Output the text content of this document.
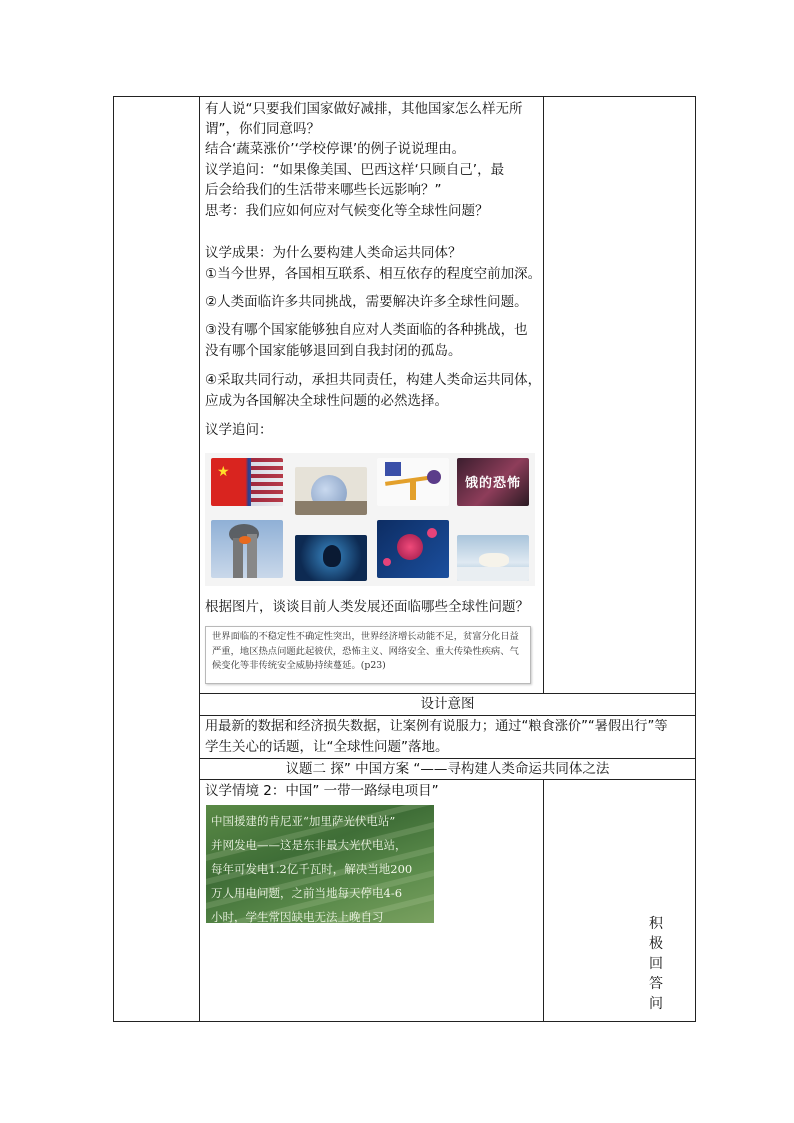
有人说“只要我们国家做好减排，其他国家怎么样无所
谓”，你们同意吗？
结合‘蔬菜涨价’‘学校停课’的例子说说理由。
议学追问：“如果像美国、巴西这样‘只顾自己’，最
后会给我们的生活带来哪些长远影响？”
思考：我们应如何应对气候变化等全球性问题？
议学成果：为什么要构建人类命运共同体？
①当今世界，各国相互联系、相互依存的程度空前加深。
②人类面临许多共同挑战，需要解决许多全球性问题。
③没有哪个国家能够独自应对人类面临的各种挑战，也
没有哪个国家能够退回到自我封闭的孤岛。
④采取共同行动，承担共同责任，构建人类命运共同体，
应成为各国解决全球性问题的必然选择。
议学追问：
★
饿的恐怖
根据图片，谈谈目前人类发展还面临哪些全球性问题？
世界面临的不稳定性不确定性突出，世界经济增长动能不足，贫富分化日益严重，地区热点问题此起彼伏，恐怖主义、网络安全、重大传染性疾病、气候变化等非传统安全威胁持续蔓延。(p23)
设计意图
用最新的数据和经济损失数据，让案例有说服力；通过“粮食涨价”“暑假出行”等
学生关心的话题，让“全球性问题”落地。
议题二 探” 中国方案 “——寻构建人类命运共同体之法
议学情境 2：中国” 一带一路绿电项目”
中国援建的肯尼亚“加里萨光伏电站”
并网发电——这是东非最大光伏电站，
每年可发电1.2亿千瓦时，解决当地200
万人用电问题，之前当地每天停电4-6
小时，学生常因缺电无法上晚自习	积
极
回
答
问
